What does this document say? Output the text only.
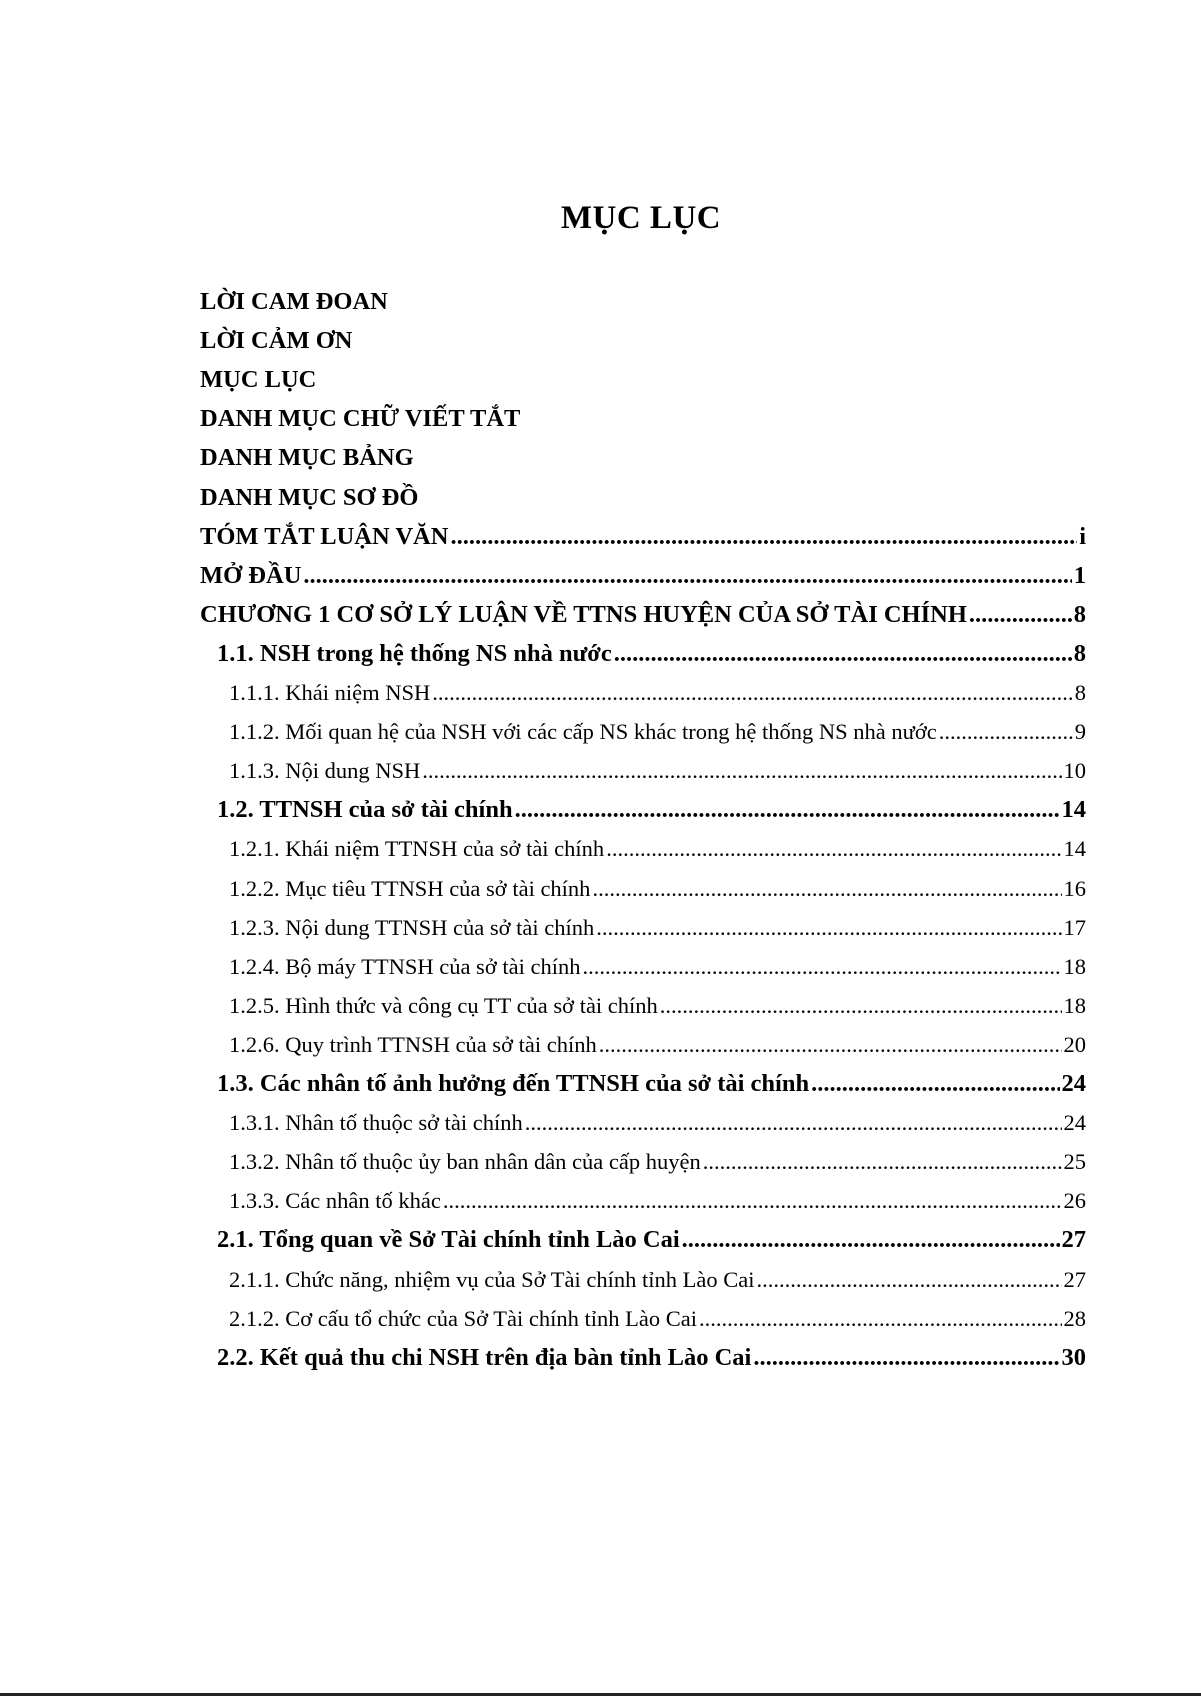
MỤC LỤC
LỜI CAM ĐOAN
LỜI CẢM ƠN
MỤC LỤC
DANH MỤC CHỮ VIẾT TẮT
DANH MỤC BẢNG
DANH MỤC SƠ ĐỒ
TÓM TẮT LUẬN VĂN .....	i
MỞ ĐẦU .....	1
CHƯƠNG 1 CƠ SỞ LÝ LUẬN VỀ TTNS HUYỆN CỦA SỞ TÀI CHÍNH .....	8
1.1. NSH trong hệ thống NS nhà nước .....	8
1.1.1. Khái niệm NSH .....	8
1.1.2. Mối quan hệ của NSH với các cấp NS khác trong hệ thống NS nhà nước .....	9
1.1.3. Nội dung NSH .....	10
1.2. TTNSH của sở tài chính .....	14
1.2.1. Khái niệm TTNSH của sở tài chính .....	14
1.2.2. Mục tiêu TTNSH của sở tài chính .....	16
1.2.3. Nội dung TTNSH của sở tài chính .....	17
1.2.4. Bộ máy TTNSH của sở tài chính .....	18
1.2.5. Hình thức và công cụ TT của sở tài chính .....	18
1.2.6. Quy trình TTNSH của sở tài chính .....	20
1.3. Các nhân tố ảnh hưởng đến TTNSH của sở tài chính .....	24
1.3.1. Nhân tố thuộc sở tài chính .....	24
1.3.2. Nhân tố thuộc ủy ban nhân dân của cấp huyện .....	25
1.3.3. Các nhân tố khác .....	26
2.1. Tổng quan về Sở Tài chính tỉnh Lào Cai .....	27
2.1.1. Chức năng, nhiệm vụ của Sở Tài chính tỉnh Lào Cai .....	27
2.1.2. Cơ cấu tổ chức của Sở Tài chính tỉnh Lào Cai .....	28
2.2. Kết quả thu chi NSH trên địa bàn tỉnh Lào Cai .....	30
